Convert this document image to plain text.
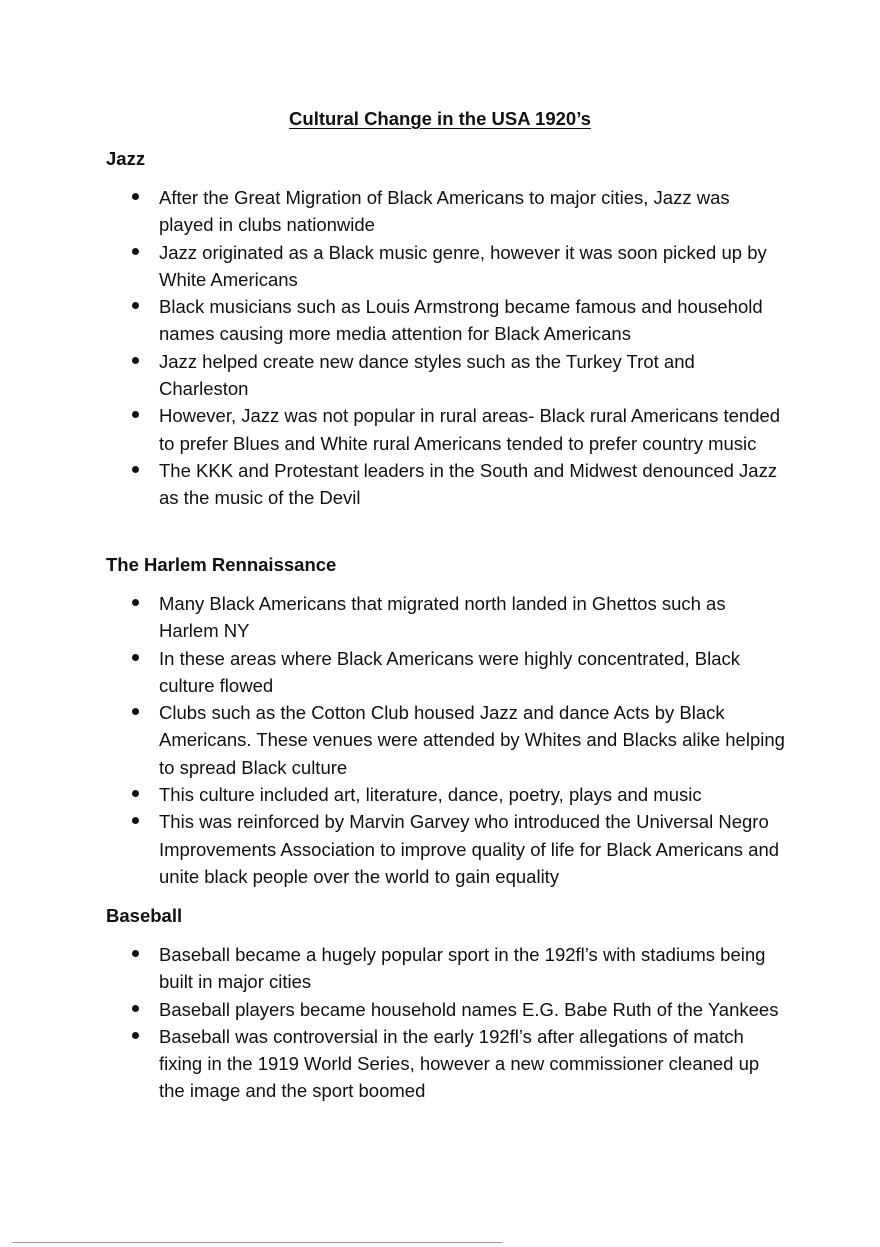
Cultural Change in the USA 1920’s
Jazz
After the Great Migration of Black Americans to major cities, Jazz was played in clubs nationwide
Jazz originated as a Black music genre, however it was soon picked up by White Americans
Black musicians such as Louis Armstrong became famous and household names causing more media attention for Black Americans
Jazz helped create new dance styles such as the Turkey Trot and Charleston
However, Jazz was not popular in rural areas- Black rural Americans tended to prefer Blues and White rural Americans tended to prefer country music
The KKK and Protestant leaders in the South and Midwest denounced Jazz as the music of the Devil
The Harlem Rennaissance
Many Black Americans that migrated north landed in Ghettos such as Harlem NY
In these areas where Black Americans were highly concentrated, Black culture flowed
Clubs such as the Cotton Club housed Jazz and dance Acts by Black Americans. These venues were attended by Whites and Blacks alike helping to spread Black culture
This culture included art, literature, dance, poetry, plays and music
This was reinforced by Marvin Garvey who introduced the Universal Negro Improvements Association to improve quality of life for Black Americans and unite black people over the world to gain equality
Baseball
Baseball became a hugely popular sport in the 192fl’s with stadiums being built in major cities
Baseball players became household names E.G. Babe Ruth of the Yankees
Baseball was controversial in the early 192fl’s after allegations of match fixing in the 1919 World Series, however a new commissioner cleaned up the image and the sport boomed
